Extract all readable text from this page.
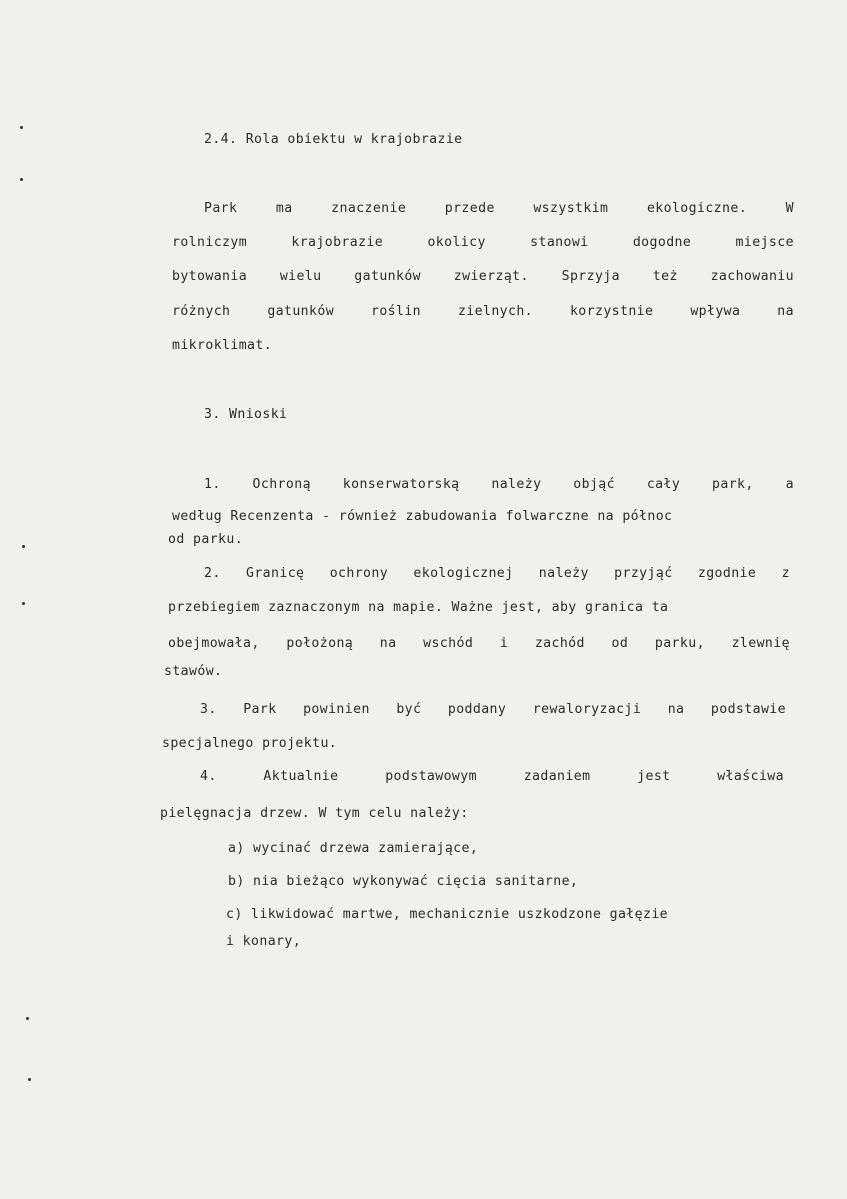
2.4. Rola obiektu w krajobrazie
Park	ma	znaczenie	przede	wszystkim	ekologiczne.	W
rolniczym	krajobrazie	okolicy	stanowi	dogodne	miejsce
bytowania wielu gatunków zwierząt. Sprzyja też zachowaniu
różnych	gatunków	roślin	zielnych.	korzystnie	wpływa	na
mikroklimat.
3. Wnioski
1. Ochroną konserwatorską należy objąć cały park, a
według Recenzenta - również zabudowania folwarczne na północ
od parku.
2. Granicę ochrony ekologicznej należy przyjąć zgodnie z
przebiegiem zaznaczonym na mapie. Ważne jest, aby granica ta
obejmowała, położoną na wschód i zachód od parku, zlewnię
stawów.
3. Park powinien być poddany rewaloryzacji na podstawie
specjalnego projektu.
4.	Aktualnie	podstawowym	zadaniem	jest	właściwa
pielęgnacja drzew. W tym celu należy:
a) wycinać drzewa zamierające,
b) nia bieżąco wykonywać cięcia sanitarne,
c) likwidować martwe, mechanicznie uszkodzone gałęzie
i konary,
